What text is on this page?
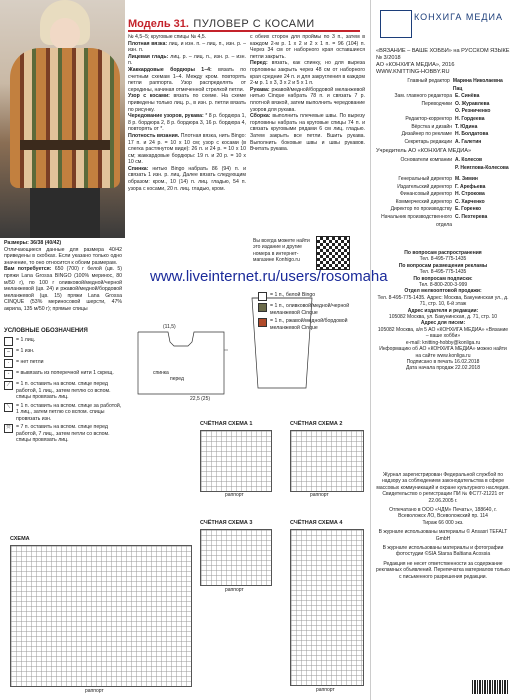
Модель 31. ПУЛОВЕР С КОСАМИ
Размеры: 36/38 (40/42)
Отличающиеся данные для размера 40/42 приведены в скобках. Если указано только одно значение, то оно относится к обоим размерам.
Вам потребуется: 650 (700) г белой (цв. 5) пряжи Lana Grossa BINGO (100% меринос, 80 м/50 г), по 100 г оливковой/медной/черной меланжевой (цв. 24) и ржавой/медной/бордовой меланжевой (цв. 15) пряжи Lana Grossa CINQUE (53% мериносовой шерсти, 47% акрила, 135 м/50 г); прямые спицы
№ 4,5–5; круговые спицы № 4,5.
Плотная вязка: лиц. и изн. п. – лиц. п., изн. р. – изн. п.
Лицевая гладь: лиц. р. – лиц. п., изн. р. – изн. п.
Жаккардовые бордюры 1–4: вязать по счетным схемам 1–4. Между кром. повторять петли раппорта. Узор распределять от середины, начиная отмеченной стрелкой петли.
Узор с косами: вязать по схеме. На схеме приведены только лиц. р., в изн. р. петли вязать по рисунку.
Чередование узоров, рукава: * 8 р. бордюра 1, 8 р. бордюра 2, 8 р. бордюра 3, 16 р. бордюра 4, повторять от *.
Плотность вязания. Плотная вязка, нить Bingo: 17 п. и 24 р. = 10 х 10 см; узор с косами (в слегка растянутом виде): 26 п. и 24 р. = 10 х 10 см; жаккардовые бордюры: 19 п. и 20 р. = 10 х 10 см.
Спинка: нитью Bingo набрать 86 (94) п. и связать 1 изн. р. лиц. Далее вязать следующим образом: кром., 10 (14) п. лиц. гладью, 54 п. узора с косами, 20 п. лиц. гладью, кром.
с обеих сторон для проймы по 3 п., затем в каждом 2-м р. 1 х 2 и 2 х 1 п. = 96 (104) п. Через 34 см от наборного края оставшиеся петли закрыть.
Перед: вязать, как спинку, но для выреза горловины закрыть через 48 см от наборного края средние 24 п. и для закругления в каждом 2-м р. 1 х 3, 3 х 2 и 5 х 1 п.
Рукава: ржавой/медной/бордовой меланжевой нитью Cinque набрать 78 п. и связать 7 р. плотной вязкой, затем выполнить чередование узоров для рукава.
Сборка: выполнить плечевые швы. По вырезу горловины набрать на круговые спицы 74 п. и связать круговыми рядами 6 см лиц. гладью. Затем закрыть все петли. Вшить рукава. Выполнить боковые швы и швы рукавов. Вчитать рукава.
УСЛОВНЫЕ ОБОЗНАЧЕНИЯ
= 1 лиц.
–	= 1 изн.
·	= нет петли
◦	= вывязать из поперечной нити 1 скрещ.
⟋	= 1 п. оставить на вспом. спице перед работой, 1 лиц., затем петлю со вспом. спицы провязать лиц.
⟍	= 1 п. оставить на вспом. спице за работой, 1 лиц., затем петлю со вспом. спицы провязать изн.
⤧	= 7 п. оставить на вспом. спице перед работой, 7 лиц., затем петли со вспом. спицы провязать лиц.
спинка
перед
(11,5)
22,5 (25)
Вы всегда можете найти это издание и другие номера в интернет-магазине Konhigo.ru
= 1 п., белой Bingo
= 1 п., оливковой/медной/черной меланжевой Cinque
= 1 п., ржавой/медной/бордовой меланжевой Cinque
www.liveinternet.ru/users/rosomaha
СЧЁТНАЯ СХЕМА 1
раппорт
СЧЁТНАЯ СХЕМА 2
раппорт
СЧЁТНАЯ СХЕМА 3
раппорт
СЧЁТНАЯ СХЕМА 4
раппорт
СХЕМА
раппорт
КОНХИГА МЕДИА
«ВЯЗАНИЕ – ВАШЕ ХОББИ» на РУССКОМ ЯЗЫКЕ № 3/2018
АО «КОНХИГА МЕДИА», 2016
WWW.KNITTING-HOBBY.RU
Главный редактор Марина Николаевна Пац
Зам. главного редактора Е. Синёва
Переводчики О. Журавлева
О. Резниченко
Редактор-корректор Н. Гордеева
Вёрстка и дизайн Т. Юдина
Дизайнер по рекламе Н. Болдатова
Секретарь редакции А. Галетин
Учредитель АО «КОНХИГА МЕДИА»
Основатели компании А. Колесов
Р. Неяглова-Колесова
Генеральный директор М. Зимин
Издательский директор Г. Арефьева
Финансовый директор Н. Строкова
Коммерческий директор С. Харченко
Директор по производству Е. Горенко
Начальник производственного отдела
С. Пехтерева
По вопросам распространения
Тел. 8-495-775-1435
По вопросам размещения рекламы
Тел. 8-495-775-1435
По вопросам подписки:
Тел. 8-800-200-3-999
Отдел мелкооптовой продажи:
Тел. 8-495-775-1435. Адрес: Москва, Бакунинская ул., д. 71, стр. 10, 6-й этаж
Адрес издателя и редакции:
105082 Москва, ул. Бакунинская, д. 71, стр. 10
Адрес для писем:
105082 Москва, а/я 5 АО «КОНХИГА МЕДИА» «Вязание – ваше хобби»
e-mail: knitting-hobby@konliga.ru
Информацию об АО «КОНХИГА МЕДИА» можно найти на сайте www.konliga.ru
Подписано в печать 16.02.2018
Дата начала продаж 22.02.2018
Журнал зарегистрирован Федеральной службой по надзору за соблюдением законодательства в сфере массовых коммуникаций и охране культурного наследия. Свидетельство о регистрации ПИ № ФС77-21221 от 22.06.2005 г.
Отпечатано в ООО «ЧДМ» Печать», 188640, г. Всеволожск ЛО, Всеволожский пр. 114
Тираж 66 000 экз.
В журнале использованы материалы © Ansasri TEFALT GmbH
В журнале использованы материалы и фотографии фотостудии ©SIA Starsa Baltiana Acossia
Редакция не несет ответственности за содержание рекламных объявлений. Перепечатка материалов только с письменного разрешения редакции.
